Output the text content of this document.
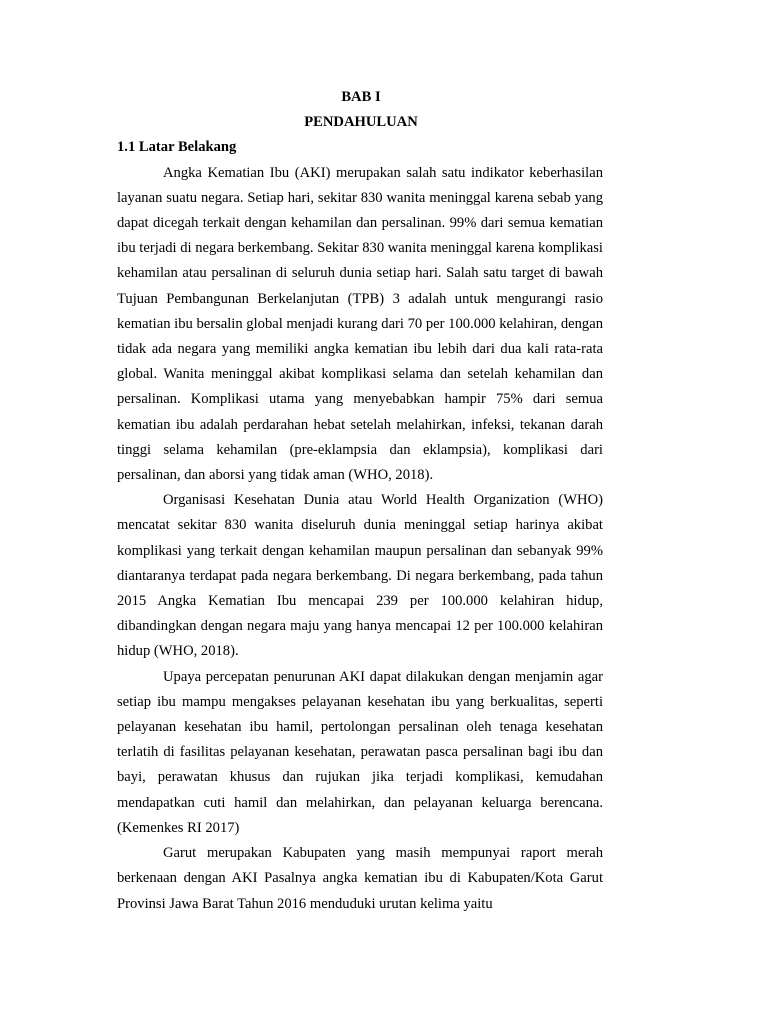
BAB I

PENDAHULUAN

1.1 Latar Belakang

Angka Kematian Ibu (AKI) merupakan salah satu indikator keberhasilan layanan suatu negara. Setiap hari, sekitar 830 wanita meninggal karena sebab yang dapat dicegah terkait dengan kehamilan dan persalinan. 99% dari semua kematian ibu terjadi di negara berkembang. Sekitar 830 wanita meninggal karena komplikasi kehamilan atau persalinan di seluruh dunia setiap hari. Salah satu target di bawah Tujuan Pembangunan Berkelanjutan (TPB) 3 adalah untuk mengurangi rasio kematian ibu bersalin global menjadi kurang dari 70 per 100.000 kelahiran, dengan tidak ada negara yang memiliki angka kematian ibu lebih dari dua kali rata-rata global. Wanita meninggal akibat komplikasi selama dan setelah kehamilan dan persalinan. Komplikasi utama yang menyebabkan hampir 75% dari semua kematian ibu adalah perdarahan hebat setelah melahirkan, infeksi, tekanan darah tinggi selama kehamilan (pre-eklampsia dan eklampsia), komplikasi dari persalinan, dan aborsi yang tidak aman (WHO, 2018).

Organisasi Kesehatan Dunia atau World Health Organization (WHO) mencatat sekitar 830 wanita diseluruh dunia meninggal setiap harinya akibat komplikasi yang terkait dengan kehamilan maupun persalinan dan sebanyak 99% diantaranya terdapat pada negara berkembang. Di negara berkembang, pada tahun 2015 Angka Kematian Ibu mencapai 239 per 100.000 kelahiran hidup, dibandingkan dengan negara maju yang hanya mencapai 12 per 100.000 kelahiran hidup (WHO, 2018).

Upaya percepatan penurunan AKI dapat dilakukan dengan menjamin agar setiap ibu mampu mengakses pelayanan kesehatan ibu yang berkualitas, seperti pelayanan kesehatan ibu hamil, pertolongan persalinan oleh tenaga kesehatan terlatih di fasilitas pelayanan kesehatan, perawatan pasca persalinan bagi ibu dan bayi, perawatan khusus dan rujukan jika terjadi komplikasi, kemudahan mendapatkan cuti hamil dan melahirkan, dan pelayanan keluarga berencana. (Kemenkes RI 2017)

Garut merupakan Kabupaten yang masih mempunyai raport merah berkenaan dengan AKI Pasalnya angka kematian ibu di Kabupaten/Kota Garut Provinsi Jawa Barat Tahun 2016 menduduki urutan kelima yaitu
